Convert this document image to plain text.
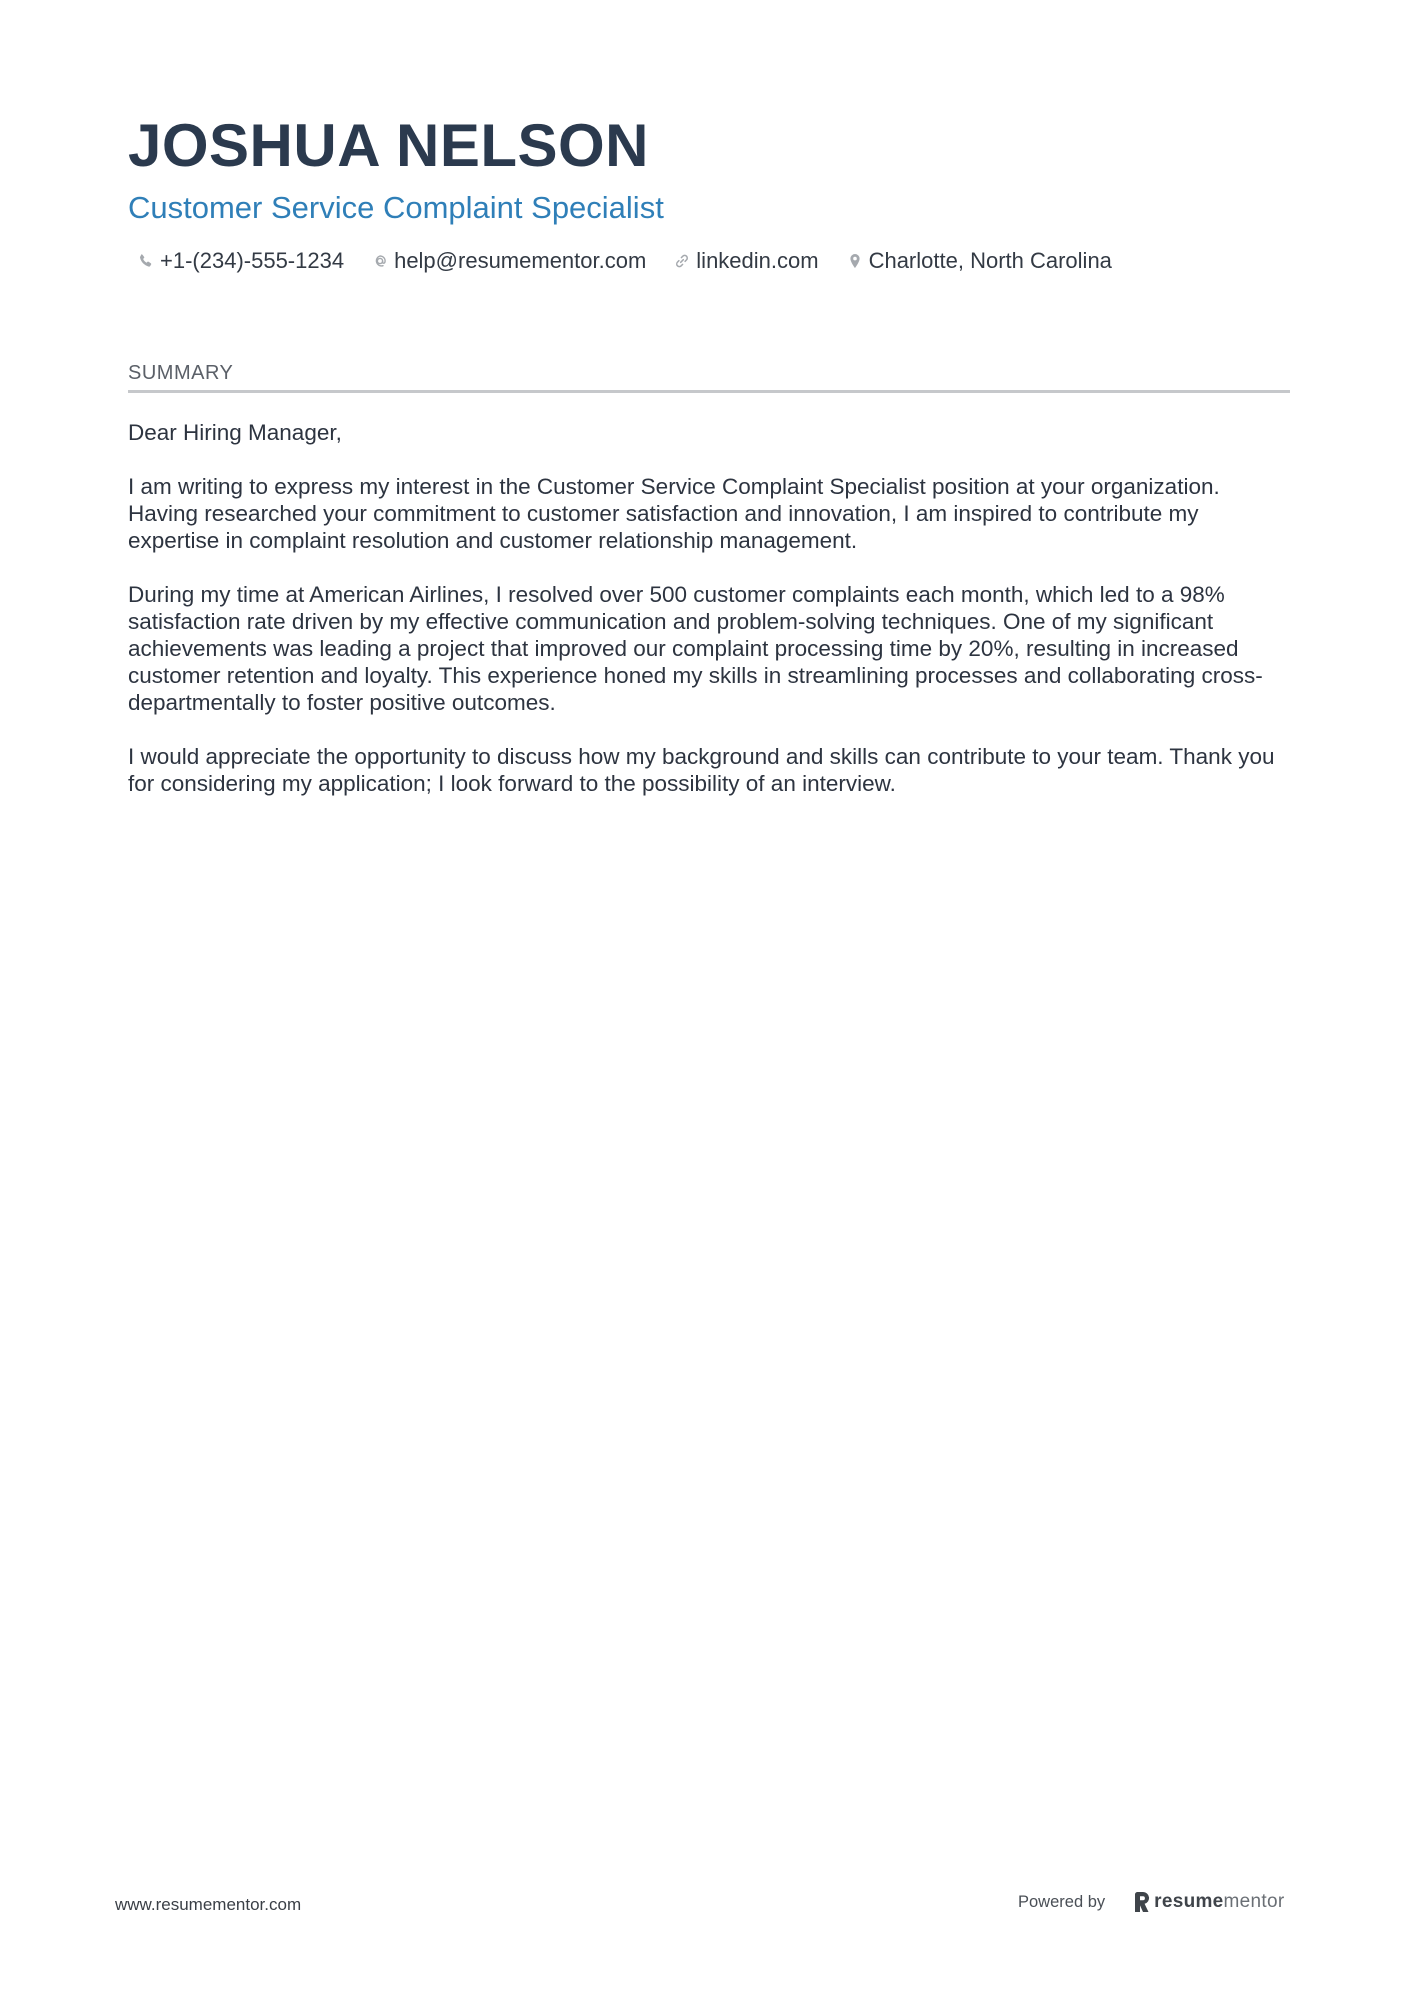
JOSHUA NELSON
Customer Service Complaint Specialist
+1-(234)-555-1234 help@resumementor.com linkedin.com Charlotte, North Carolina
SUMMARY

Dear Hiring Manager,

I am writing to express my interest in the Customer Service Complaint Specialist position at your organization. Having researched your commitment to customer satisfaction and innovation, I am inspired to contribute my expertise in complaint resolution and customer relationship management.

During my time at American Airlines, I resolved over 500 customer complaints each month, which led to a 98% satisfaction rate driven by my effective communication and problem-solving techniques. One of my significant achievements was leading a project that improved our complaint processing time by 20%, resulting in increased customer retention and loyalty. This experience honed my skills in streamlining processes and collaborating cross-departmentally to foster positive outcomes.

I would appreciate the opportunity to discuss how my background and skills can contribute to your team. Thank you for considering my application; I look forward to the possibility of an interview.

www.resumementor.com	Powered by	resume mentor
